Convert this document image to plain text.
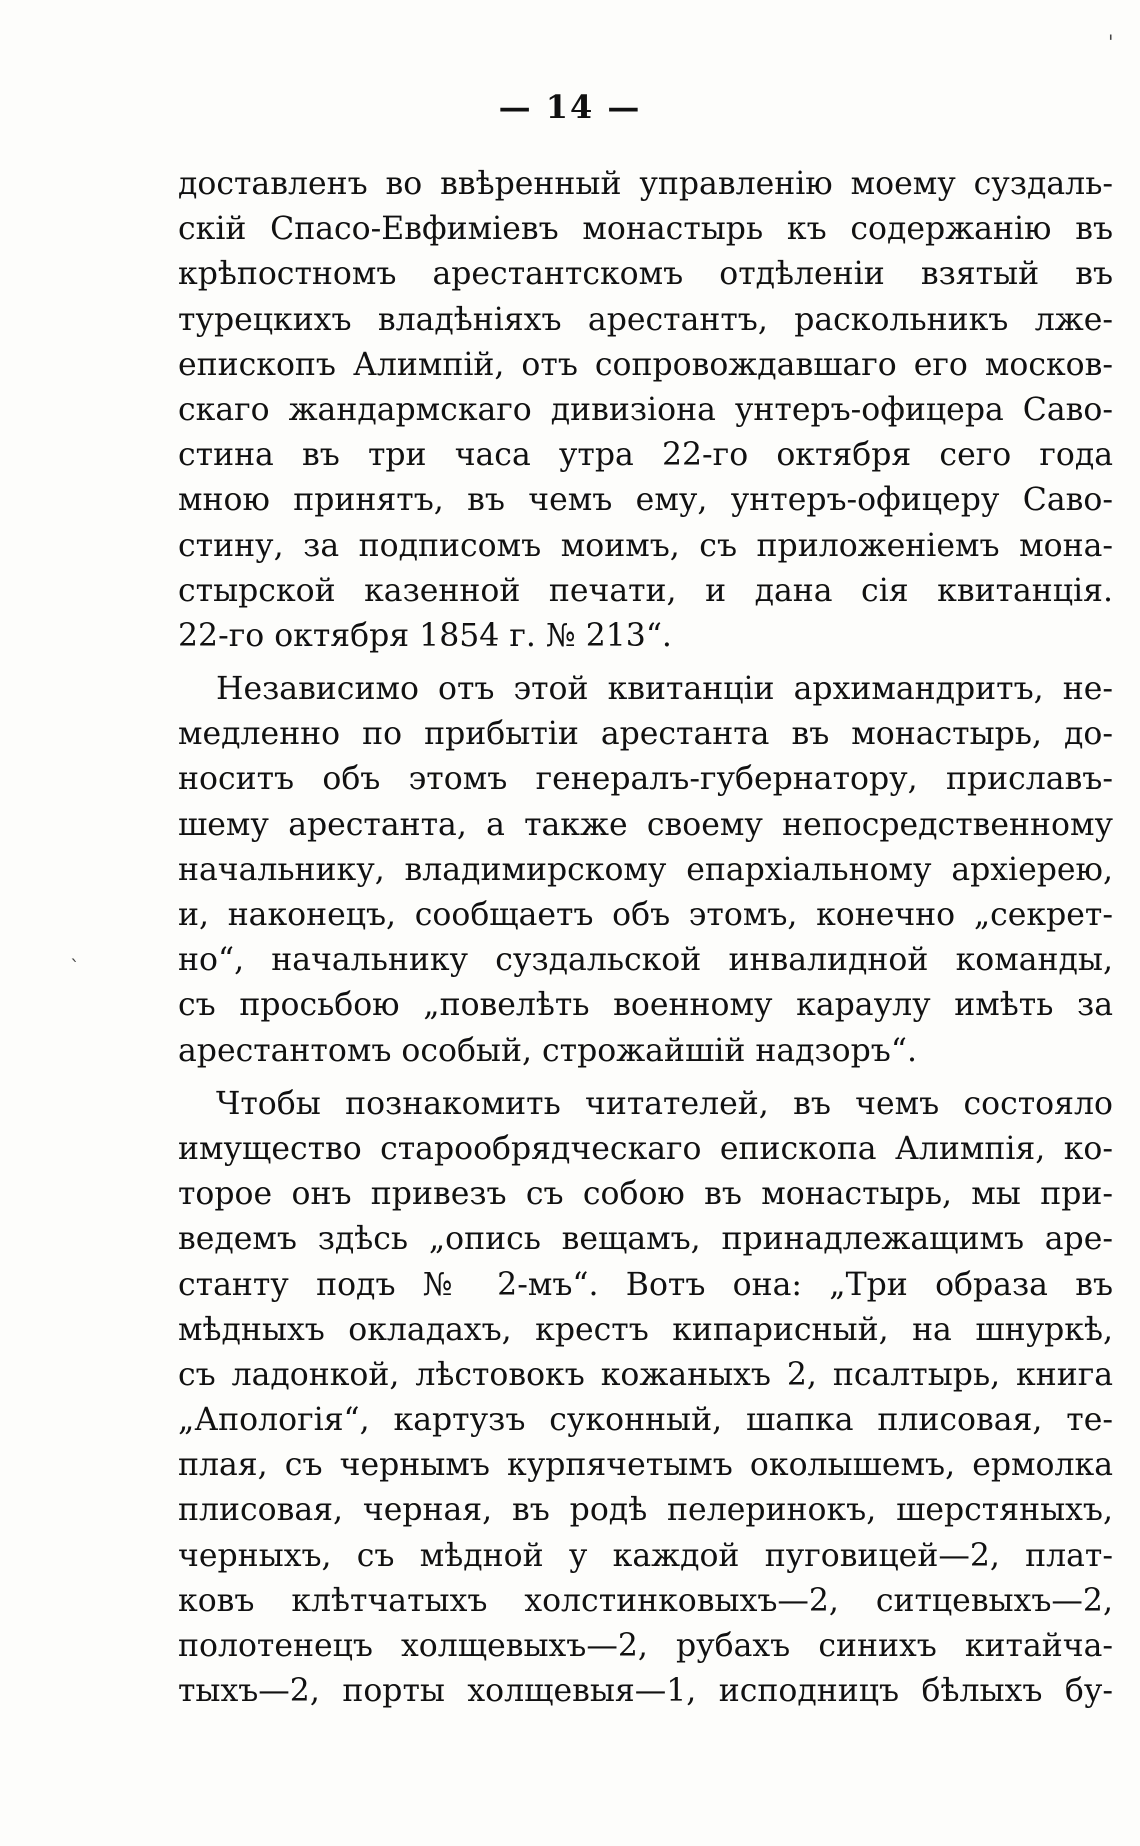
— 14 —
доставленъ во ввѣренный управленію моему суздаль-
скій Спасо-Евфиміевъ монастырь къ содержанію въ
крѣпостномъ арестантскомъ отдѣленіи взятый въ
турецкихъ владѣніяхъ арестантъ, раскольникъ лже-
епископъ Алимпій, отъ сопровождавшаго его москов-
скаго жандармскаго дивизіона унтеръ-офицера Саво-
стина въ три часа утра 22-го октября сего года
мною принятъ, въ чемъ ему, унтеръ-офицеру Саво-
стину, за подписомъ моимъ, съ приложеніемъ мона-
стырской казенной печати, и дана сія квитанція.
22-го октября 1854 г. № 213“.
Независимо отъ этой квитанціи архимандритъ, не-
медленно по прибытіи арестанта въ монастырь, до-
носитъ объ этомъ генералъ-губернатору, приславъ-
шему арестанта, а также своему непосредственному
начальнику, владимирскому епархіальному архіерею,
и, наконецъ, сообщаетъ объ этомъ, конечно „секрет-
но“, начальнику суздальской инвалидной команды,
съ просьбою „повелѣть военному караулу имѣть за
арестантомъ особый, строжайшій надзоръ“.
Чтобы познакомить читателей, въ чемъ состояло
имущество старообрядческаго епископа Алимпія, ко-
торое онъ привезъ съ собою въ монастырь, мы при-
ведемъ здѣсь „опись вещамъ, принадлежащимъ аре-
станту подъ № 2-мъ“. Вотъ она: „Три образа въ
мѣдныхъ окладахъ, крестъ кипарисный, на шнуркѣ,
съ ладонкой, лѣстовокъ кожаныхъ 2, псалтырь, книга
„Апологія“, картузъ суконный, шапка плисовая, те-
плая, съ чернымъ курпячетымъ околышемъ, ермолка
плисовая, черная, въ родѣ пелеринокъ, шерстяныхъ,
черныхъ, съ мѣдной у каждой пуговицей—2, плат-
ковъ клѣтчатыхъ холстинковыхъ—2, ситцевыхъ—2,
полотенецъ холщевыхъ—2, рубахъ синихъ китайча-
тыхъ—2, порты холщевыя—1, исподницъ бѣлыхъ бу-
'
`
